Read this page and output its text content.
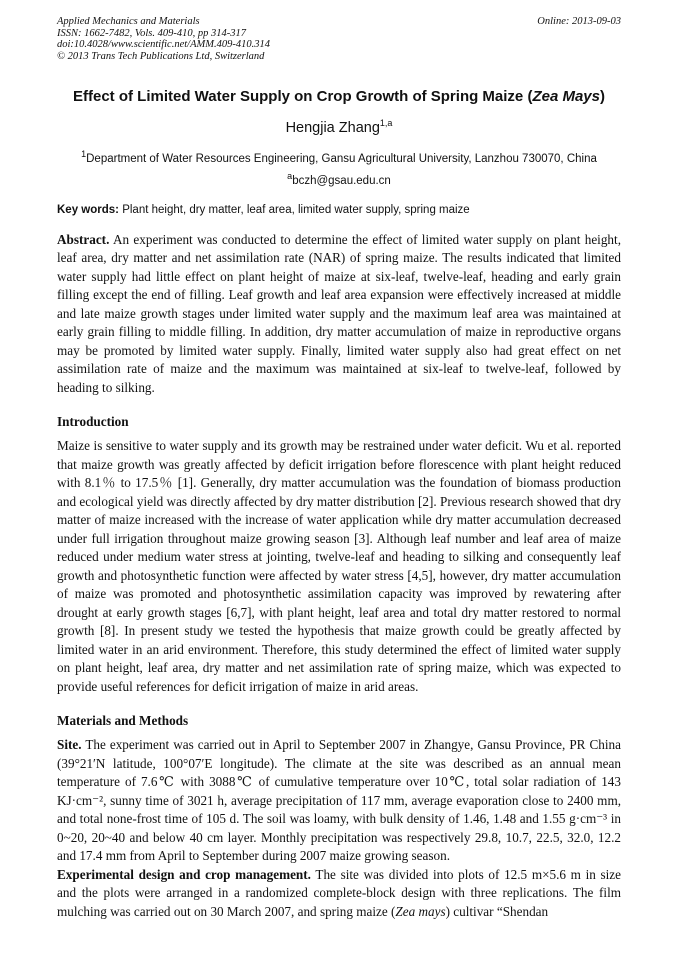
Applied Mechanics and Materials
ISSN: 1662-7482, Vols. 409-410, pp 314-317
doi:10.4028/www.scientific.net/AMM.409-410.314
© 2013 Trans Tech Publications Ltd, Switzerland
Online: 2013-09-03
Effect of Limited Water Supply on Crop Growth of Spring Maize (Zea Mays)
Hengjia Zhang$^{1,a}$
$^1$Department of Water Resources Engineering, Gansu Agricultural University, Lanzhou 730070, China
$^a$bczh@gsau.edu.cn
Key words: Plant height, dry matter, leaf area, limited water supply, spring maize

Abstract. An experiment was conducted to determine the effect of limited water supply on plant height, leaf area, dry matter and net assimilation rate (NAR) of spring maize. The results indicated that limited water supply had little effect on plant height of maize at six-leaf, twelve-leaf, heading and early grain filling except the end of filling. Leaf growth and leaf area expansion were effectively increased at middle and late maize growth stages under limited water supply and the maximum leaf area was maintained at early grain filling to middle filling. In addition, dry matter accumulation of maize in reproductive organs may be promoted by limited water supply. Finally, limited water supply also had great effect on net assimilation rate of maize and the maximum was maintained at six-leaf to twelve-leaf, followed by heading to silking.

Introduction

Maize is sensitive to water supply and its growth may be restrained under water deficit. Wu et al. reported that maize growth was greatly affected by deficit irrigation before florescence with plant height reduced with 8.1％ to 17.5％ [1]. Generally, dry matter accumulation was the foundation of biomass production and ecological yield was directly affected by dry matter distribution [2]. Previous research showed that dry matter of maize increased with the increase of water application while dry matter accumulation decreased under full irrigation throughout maize growing season [3]. Although leaf number and leaf area of maize reduced under medium water stress at jointing, twelve-leaf and heading to silking and consequently leaf growth and photosynthetic function were affected by water stress [4,5], however, dry matter accumulation of maize was promoted and photosynthetic assimilation capacity was improved by rewatering after drought at early growth stages [6,7], with plant height, leaf area and total dry matter restored to normal growth [8]. In present study we tested the hypothesis that maize growth could be greatly affected by limited water in an arid environment. Therefore, this study determined the effect of limited water supply on plant height, leaf area, dry matter and net assimilation rate of spring maize, which was expected to provide useful references for deficit irrigation of maize in arid areas.

Materials and Methods

Site. The experiment was carried out in April to September 2007 in Zhangye, Gansu Province, PR China (39°21′N latitude, 100°07′E longitude). The climate at the site was described as an annual mean temperature of 7.6℃ with 3088℃ of cumulative temperature over 10℃, total solar radiation of 143 KJ·cm⁻², sunny time of 3021 h, average precipitation of 117 mm, average evaporation close to 2400 mm, and total none-frost time of 105 d. The soil was loamy, with bulk density of 1.46, 1.48 and 1.55 g·cm⁻³ in 0~20, 20~40 and below 40 cm layer. Monthly precipitation was respectively 29.8, 10.7, 22.5, 32.0, 12.2 and 17.4 mm from April to September during 2007 maize growing season.

Experimental design and crop management. The site was divided into plots of 12.5 m×5.6 m in size and the plots were arranged in a randomized complete-block design with three replications. The film mulching was carried out on 30 March 2007, and spring maize (Zea mays) cultivar “Shendan
